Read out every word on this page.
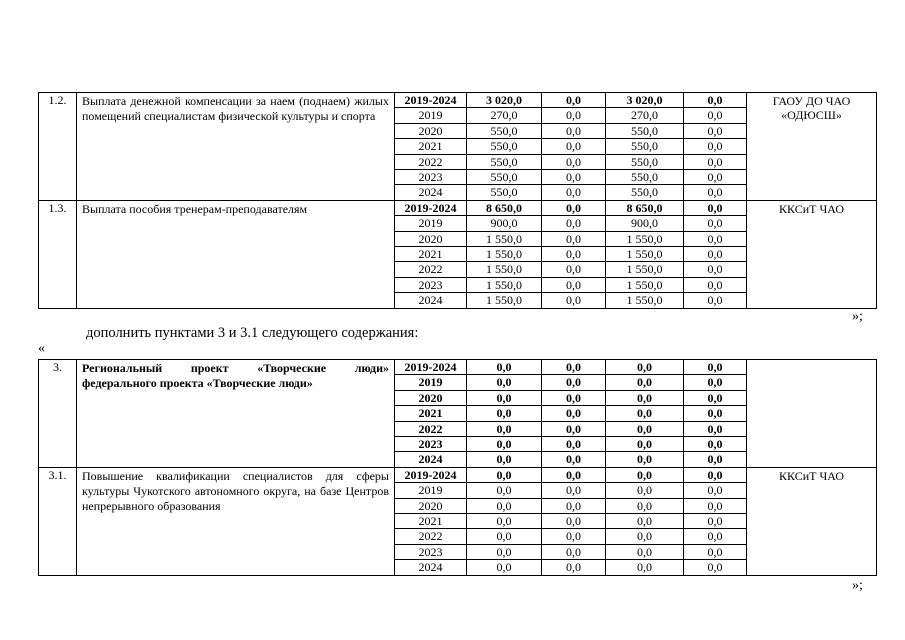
1.2.	Выплата денежной компенсации за наем (поднаем) жилых помещений специалистам физической культуры и спорта	2019-2024	3 020,0	0,0	3 020,0	0,0	ГАОУ ДО ЧАО «ОДЮСШ»
		2019	270,0	0,0	270,0	0,0	
		2020	550,0	0,0	550,0	0,0	
		2021	550,0	0,0	550,0	0,0	
		2022	550,0	0,0	550,0	0,0	
		2023	550,0	0,0	550,0	0,0	
		2024	550,0	0,0	550,0	0,0	
1.3.	Выплата пособия тренерам-преподавателям	2019-2024	8 650,0	0,0	8 650,0	0,0	ККСиТ ЧАО
		2019	900,0	0,0	900,0	0,0	
		2020	1 550,0	0,0	1 550,0	0,0	
		2021	1 550,0	0,0	1 550,0	0,0	
		2022	1 550,0	0,0	1 550,0	0,0	
		2023	1 550,0	0,0	1 550,0	0,0	
		2024	1 550,0	0,0	1 550,0	0,0	
»;
дополнить пунктами 3 и 3.1 следующего содержания:
«
3.	Региональный проект «Творческие люди» федерального проекта «Творческие люди»	2019-2024	0,0	0,0	0,0	0,0	
		2019	0,0	0,0	0,0	0,0	
		2020	0,0	0,0	0,0	0,0	
		2021	0,0	0,0	0,0	0,0	
		2022	0,0	0,0	0,0	0,0	
		2023	0,0	0,0	0,0	0,0	
		2024	0,0	0,0	0,0	0,0	
3.1.	Повышение квалификации специалистов для сферы культуры Чукотского автономного округа, на базе Центров непрерывного образования	2019-2024	0,0	0,0	0,0	0,0	ККСиТ ЧАО
		2019	0,0	0,0	0,0	0,0	
		2020	0,0	0,0	0,0	0,0	
		2021	0,0	0,0	0,0	0,0	
		2022	0,0	0,0	0,0	0,0	
		2023	0,0	0,0	0,0	0,0	
		2024	0,0	0,0	0,0	0,0	
»;
